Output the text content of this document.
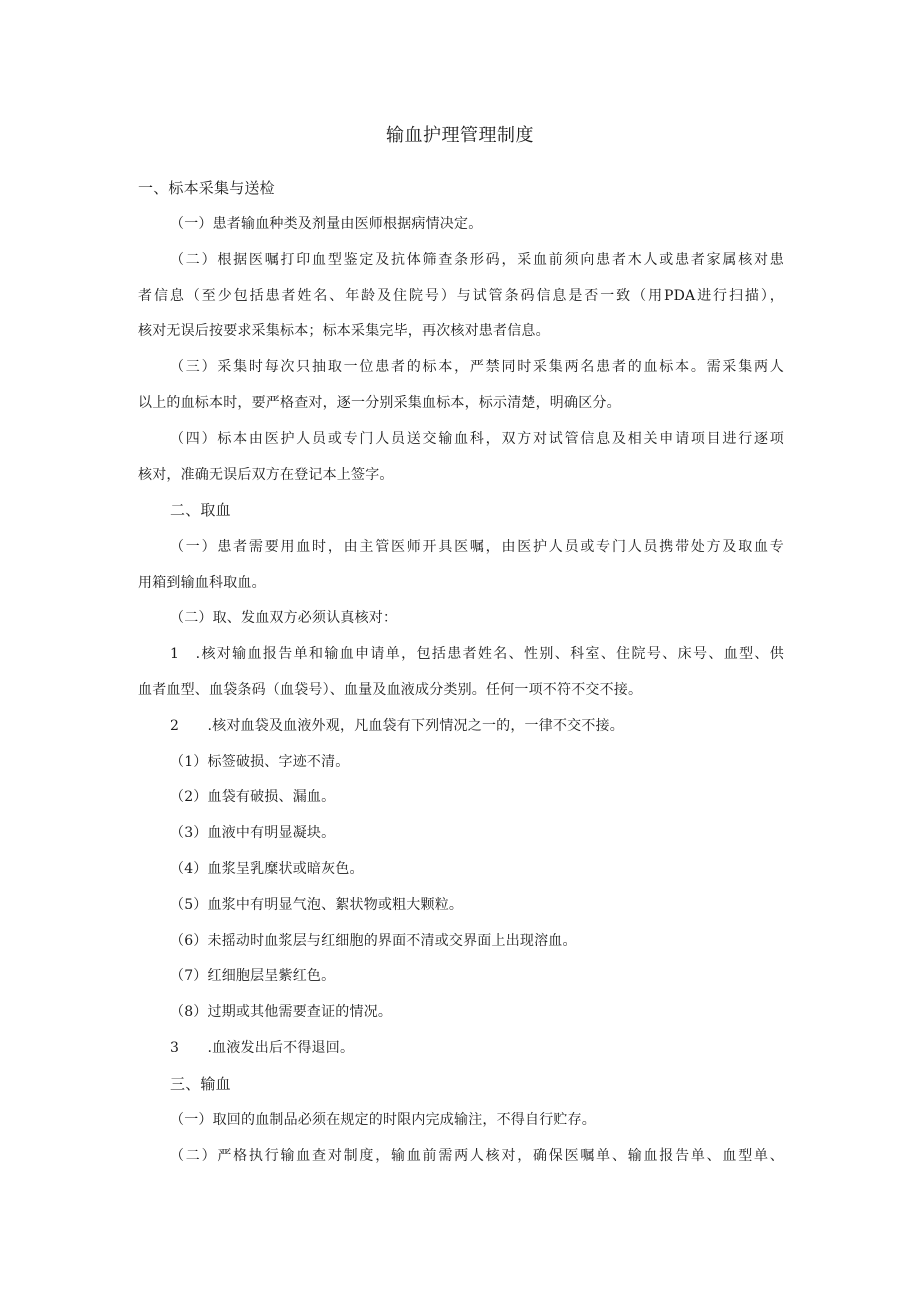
输血护理管理制度
一、标本采集与送检
（一）患者输血种类及剂量由医师根据病情决定。
（二）根据医嘱打印血型鉴定及抗体筛查条形码，采血前须向患者木人或患者家属核对患
者信息（至少包括患者姓名、年龄及住院号）与试管条码信息是否一致（用PDA进行扫描），
核对无误后按要求采集标本；标本采集完毕，再次核对患者信息。
（三）采集时每次只抽取一位患者的标本，严禁同时采集两名患者的血标本。需采集两人
以上的血标本时，要严格查对，逐一分别采集血标本，标示清楚，明确区分。
（四）标本由医护人员或专门人员送交输血科，双方对试管信息及相关申请项目进行逐项
核对，准确无误后双方在登记本上签字。
二、取血
（一）患者需要用血时，由主管医师开具医嘱，由医护人员或专门人员携带处方及取血专
用箱到输血科取血。
（二）取、发血双方必须认真核对：
1　.核对输血报告单和输血申请单，包括患者姓名、性别、科室、住院号、床号、血型、供
血者血型、血袋条码（血袋号）、血量及血液成分类别。任何一项不符不交不接。
2　　.核对血袋及血液外观，凡血袋有下列情况之一的，一律不交不接。
（1）标签破损、字迹不清。
（2）血袋有破损、漏血。
（3）血液中有明显凝块。
（4）血浆呈乳糜状或暗灰色。
（5）血浆中有明显气泡、絮状物或粗大颗粒。
（6）未摇动时血浆层与红细胞的界面不清或交界面上出现溶血。
（7）红细胞层呈紫红色。
（8）过期或其他需要查证的情况。
3　　.血液发出后不得退回。
三、输血
（一）取回的血制品必须在规定的时限内完成输注，不得自行贮存。
（二）严格执行输血查对制度，输血前需两人核对，确保医嘱单、输血报告单、血型单、
